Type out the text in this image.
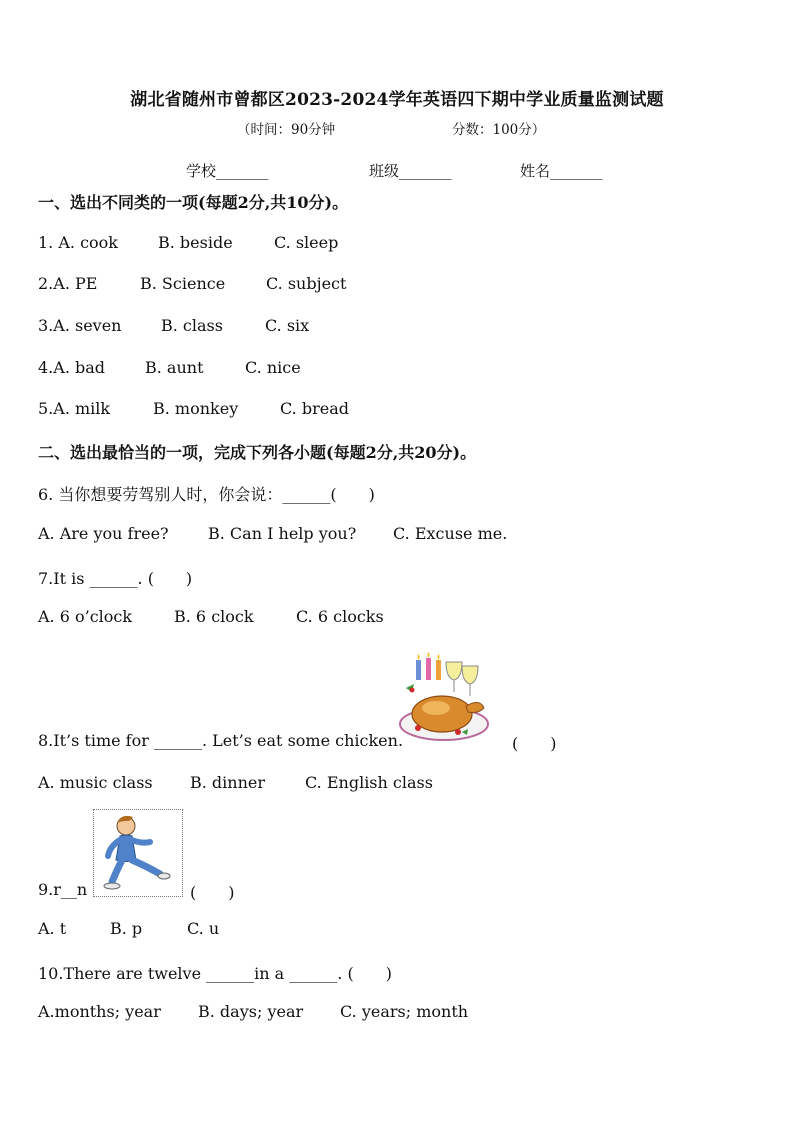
湖北省随州市曾都区2023-2024学年英语四下期中学业质量监测试题
（时间：90分钟	分数：100分）
学校_______	班级_______	姓名_______
一、选出不同类的一项(每题2分,共10分)。
1. A. cook	B. beside	C. sleep
2.A. PE	B. Science	C. subject
3.A. seven B. class	C. six
4.A. bad B. aunt	C. nice
5.A. milk	B. monkey	C. bread
二、选出最恰当的一项，完成下列各小题(每题2分,共20分)。
6. 当你想要劳驾别人时，你会说：______(　　)
A. Are you free? B. Can I help you? C. Excuse me.
7.It is ______. (　　)
A. 6 o’clock	B. 6 clock	C. 6 clocks
8.It’s time for ______. Let’s eat some chicken.	(　　)
A. music class B. dinner C. English class
9.r__n	(　　)
A. t	B. p	C. u
10.There are twelve ______in a ______. (　　)
A.months; year B. days; year C. years; month
